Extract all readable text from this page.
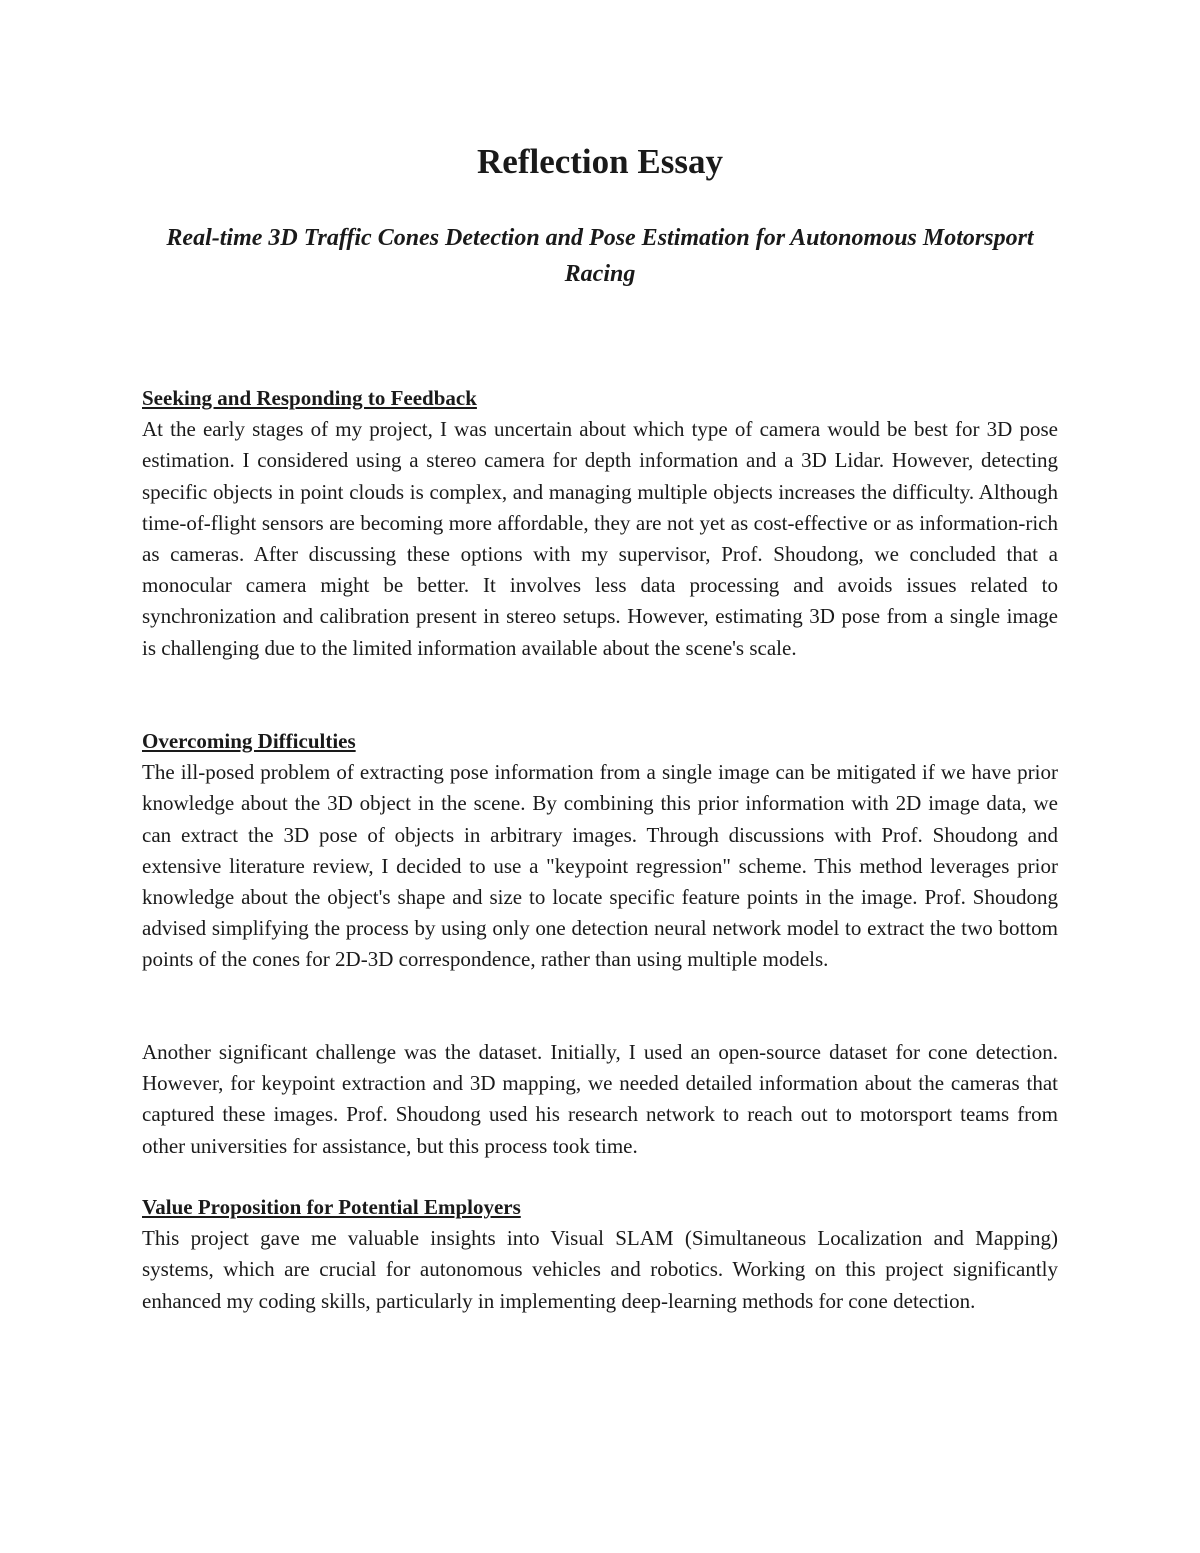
Reflection Essay
Real-time 3D Traffic Cones Detection and Pose Estimation for Autonomous Motorsport Racing
Seeking and Responding to Feedback

At the early stages of my project, I was uncertain about which type of camera would be best for 3D pose estimation. I considered using a stereo camera for depth information and a 3D Lidar. However, detecting specific objects in point clouds is complex, and managing multiple objects increases the difficulty. Although time-of-flight sensors are becoming more affordable, they are not yet as cost-effective or as information-rich as cameras. After discussing these options with my supervisor, Prof. Shoudong, we concluded that a monocular camera might be better. It involves less data processing and avoids issues related to synchronization and calibration present in stereo setups. However, estimating 3D pose from a single image is challenging due to the limited information available about the scene's scale.

Overcoming Difficulties

The ill-posed problem of extracting pose information from a single image can be mitigated if we have prior knowledge about the 3D object in the scene. By combining this prior information with 2D image data, we can extract the 3D pose of objects in arbitrary images. Through discussions with Prof. Shoudong and extensive literature review, I decided to use a "keypoint regression" scheme. This method leverages prior knowledge about the object's shape and size to locate specific feature points in the image. Prof. Shoudong advised simplifying the process by using only one detection neural network model to extract the two bottom points of the cones for 2D-3D correspondence, rather than using multiple models.

Another significant challenge was the dataset. Initially, I used an open-source dataset for cone detection. However, for keypoint extraction and 3D mapping, we needed detailed information about the cameras that captured these images. Prof. Shoudong used his research network to reach out to motorsport teams from other universities for assistance, but this process took time.

Value Proposition for Potential Employers

This project gave me valuable insights into Visual SLAM (Simultaneous Localization and Mapping) systems, which are crucial for autonomous vehicles and robotics. Working on this project significantly enhanced my coding skills, particularly in implementing deep-learning methods for cone detection.
